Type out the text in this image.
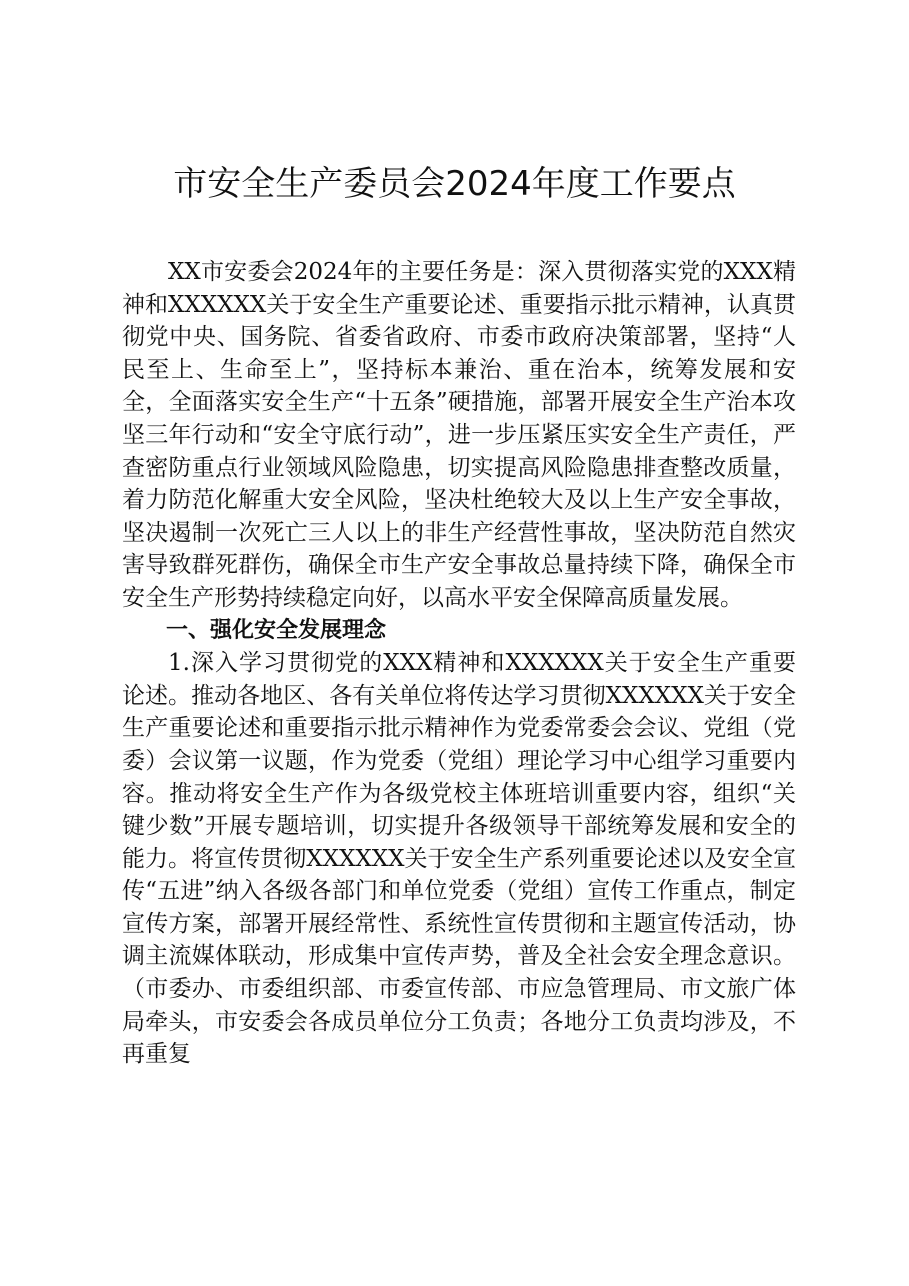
市安全生产委员会2024年度工作要点

XX市安委会2024年的主要任务是：深入贯彻落实党的XXX精神和XXXXXX关于安全生产重要论述、重要指示批示精神，认真贯彻党中央、国务院、省委省政府、市委市政府决策部署，坚持“人民至上、生命至上”，坚持标本兼治、重在治本，统筹发展和安全，全面落实安全生产“十五条”硬措施，部署开展安全生产治本攻坚三年行动和“安全守底行动”，进一步压紧压实安全生产责任，严查密防重点行业领域风险隐患，切实提高风险隐患排查整改质量，着力防范化解重大安全风险，坚决杜绝较大及以上生产安全事故，坚决遏制一次死亡三人以上的非生产经营性事故，坚决防范自然灾害导致群死群伤，确保全市生产安全事故总量持续下降，确保全市安全生产形势持续稳定向好，以高水平安全保障高质量发展。

一、强化安全发展理念

1.深入学习贯彻党的XXX精神和XXXXXX关于安全生产重要论述。推动各地区、各有关单位将传达学习贯彻XXXXXX关于安全生产重要论述和重要指示批示精神作为党委常委会会议、党组（党委）会议第一议题，作为党委（党组）理论学习中心组学习重要内容。推动将安全生产作为各级党校主体班培训重要内容，组织“关键少数”开展专题培训，切实提升各级领导干部统筹发展和安全的能力。将宣传贯彻XXXXXX关于安全生产系列重要论述以及安全宣传“五进”纳入各级各部门和单位党委（党组）宣传工作重点，制定宣传方案，部署开展经常性、系统性宣传贯彻和主题宣传活动，协调主流媒体联动，形成集中宣传声势，普及全社会安全理念意识。（市委办、市委组织部、市委宣传部、市应急管理局、市文旅广体局牵头，市安委会各成员单位分工负责；各地分工负责均涉及，不再重复
